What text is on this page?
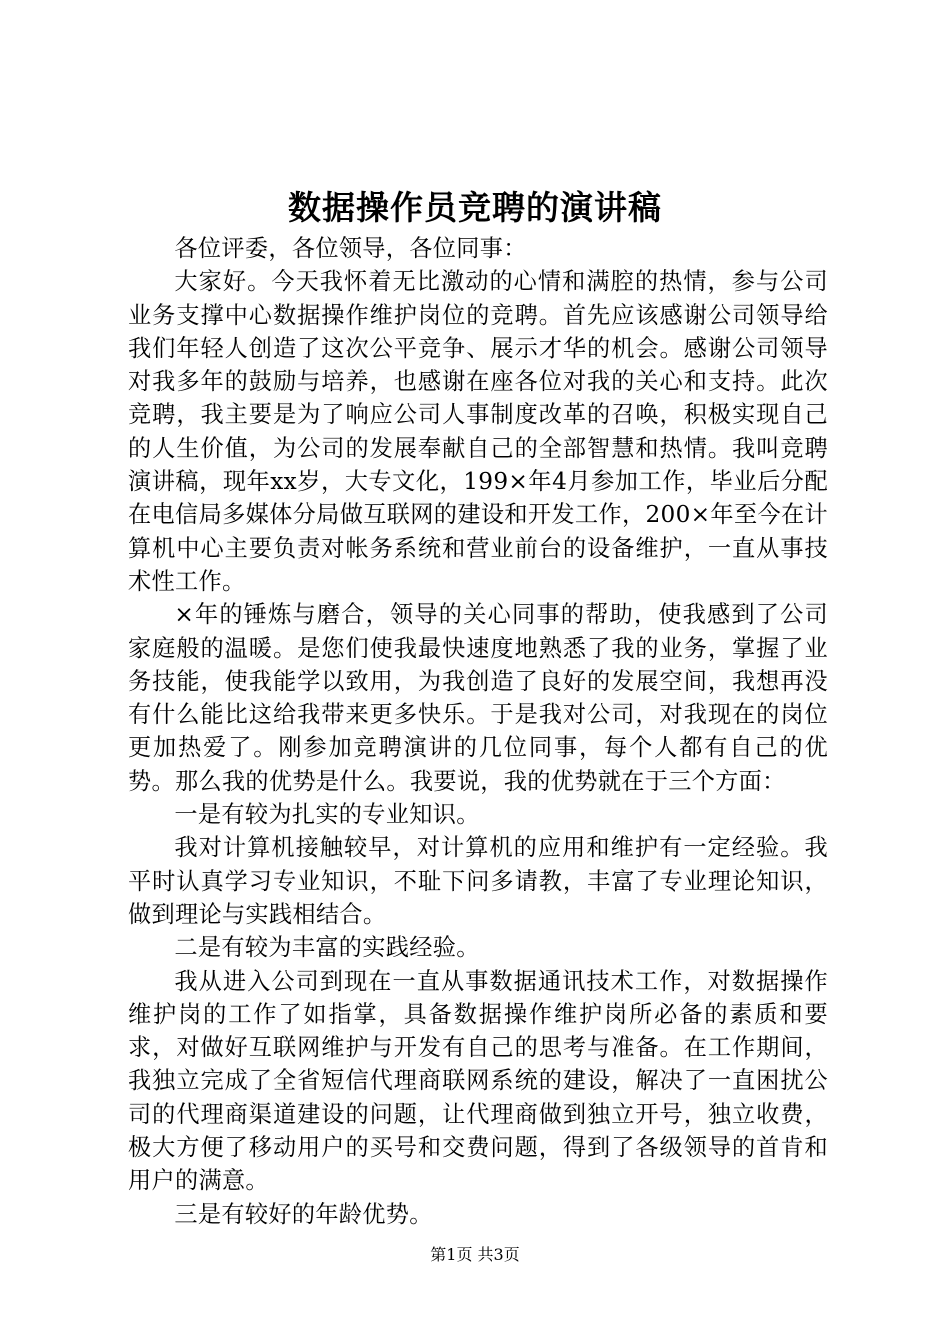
数据操作员竞聘的演讲稿

各位评委，各位领导，各位同事：

大家好。今天我怀着无比激动的心情和满腔的热情，参与公司业务支撑中心数据操作维护岗位的竞聘。首先应该感谢公司领导给我们年轻人创造了这次公平竞争、展示才华的机会。感谢公司领导对我多年的鼓励与培养，也感谢在座各位对我的关心和支持。此次竞聘，我主要是为了响应公司人事制度改革的召唤，积极实现自己的人生价值，为公司的发展奉献自己的全部智慧和热情。我叫竞聘演讲稿，现年xx岁，大专文化，199×年4月参加工作，毕业后分配在电信局多媒体分局做互联网的建设和开发工作，200×年至今在计算机中心主要负责对帐务系统和营业前台的设备维护，一直从事技术性工作。

×年的锤炼与磨合，领导的关心同事的帮助，使我感到了公司家庭般的温暖。是您们使我最快速度地熟悉了我的业务，掌握了业务技能，使我能学以致用，为我创造了良好的发展空间，我想再没有什么能比这给我带来更多快乐。于是我对公司，对我现在的岗位更加热爱了。刚参加竞聘演讲的几位同事，每个人都有自己的优势。那么我的优势是什么。我要说，我的优势就在于三个方面：

一是有较为扎实的专业知识。

我对计算机接触较早，对计算机的应用和维护有一定经验。我平时认真学习专业知识，不耻下问多请教，丰富了专业理论知识，做到理论与实践相结合。

二是有较为丰富的实践经验。

我从进入公司到现在一直从事数据通讯技术工作，对数据操作维护岗的工作了如指掌，具备数据操作维护岗所必备的素质和要求，对做好互联网维护与开发有自己的思考与准备。在工作期间，我独立完成了全省短信代理商联网系统的建设，解决了一直困扰公司的代理商渠道建设的问题，让代理商做到独立开号，独立收费，极大方便了移动用户的买号和交费问题，得到了各级领导的首肯和用户的满意。

三是有较好的年龄优势。

第1页 共3页
